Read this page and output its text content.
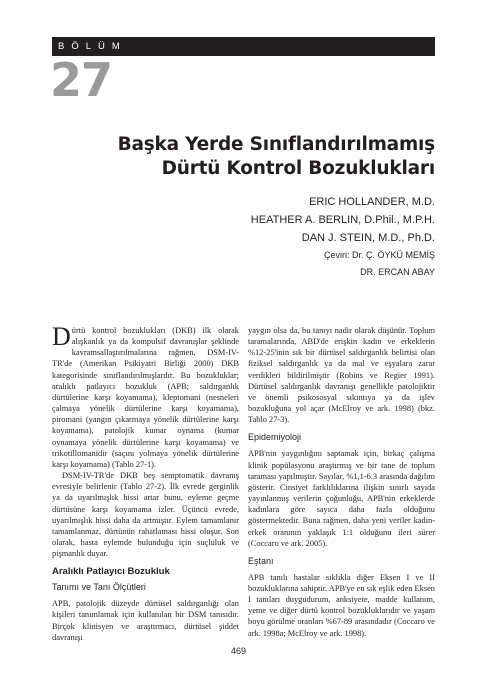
BÖLÜM
27
Başka Yerde Sınıflandırılmamış
Dürtü Kontrol Bozuklukları
ERIC HOLLANDER, M.D.
HEATHER A. BERLIN, D.Phil., M.P.H.
DAN J. STEIN, M.D., Ph.D.
Çeviri: Dr. Ç. ÖYKÜ MEMİŞ
DR. ERCAN ABAY

Dürtü kontrol bozuklukları (DKB) ilk olarak alışkanlık ya da kompulsif davranışlar şeklinde kavramsallaştırılmalarına rağmen, DSM-IV-TR'de (Amerikan Psikiyatri Birliği 2000) DKB kategorisinde sınıflandırılmışlardır. Bu bozukluklar; aralıklı patlayıcı bozukluk (APB; saldırganlık dürtülerine karşı koyamama), kleptomani (nesneleri çalmaya yönelik dürtülerine karşı koyamama), piromani (yangın çıkarmaya yönelik dürtülerine karşı koyamama), patolojik kumar oynama (kumar oynamaya yönelik dürtülerine karşı koyamama) ve trikotillomanidir (saçını yolmaya yönelik dürtülerine karşı koyamama) (Tablo 27-1).

DSM-IV-TR'de DKB beş semptomatik davranış evresiyle belirlenir (Tablo 27-2). İlk evrede gerginlik ya da uyarılmışlık hissi artar bunu, eyleme geçme dürtüsüne karşı koyamama izler. Üçüncü evrede, uyarılmışlık hissi daha da artmıştır. Eylem tamamlanır tamamlanmaz, dürtünün rahatlaması hissi oluşur. Son olarak, hasta eylemde bulunduğu için suçluluk ve pişmanlık duyar.

Aralıklı Patlayıcı Bozukluk
Tanımı ve Tanı Ölçütleri

APB, patolojik düzeyde dürtüsel saldırganlığı olan kişileri tanımlamak için kullanılan bir DSM tanısıdır. Birçok klinisyen ve araştırmacı, dürtüsel şiddet davranışı

yaygın olsa da, bu tanıyı nadir olarak düşünür. Toplum taramalarında, ABD'de erişkin kadın ve erkeklerin %12-25'inin sık bir dürtüsel saldırganlık belirtisi olan fiziksel saldırganlık ya da mal ve eşyalara zarar verdikleri bildirilmiştir (Robins ve Regier 1991). Dürtüsel saldırganlık davranışı genellikle patolojiktir ve önemli psikososyal sıkıntıya ya da işlev bozukluğuna yol açar (McElroy ve ark. 1998) (bkz. Tablo 27-3).

Epidemiyoloji

APB'nin yaygınlığını saptamak için, birkaç çalışma klinik popülasyonu araştırmış ve bir tane de toplum taraması yapılmıştır. Sayılar, %1,1-6.3 arasında dağılım gösterir. Cinsiyet farklılıklarına ilişkin sınırlı sayıda yayınlanmış verilerin çoğunluğu, APB'nin erkeklerde kadınlara göre sayıca daha fazla olduğunu göstermektedir. Buna rağmen, daha yeni veriler kadın-erkek oranının yaklaşık 1:1 olduğunu ileri sürer (Coccaro ve ark. 2005).

Eştanı

APB tanılı hastalar sıklıkla diğer Eksen I ve II bozukluklarına sahiptir. APB'ye en sık eşlik eden Eksen I tanıları duygudurum, anksiyete, madde kullanım, yeme ve diğer dürtü kontrol bozukluklarıdır ve yaşam boyu görülme oranları %67-89 arasındadır (Coccaro ve ark. 1998a; McElroy ve ark. 1998).

469
